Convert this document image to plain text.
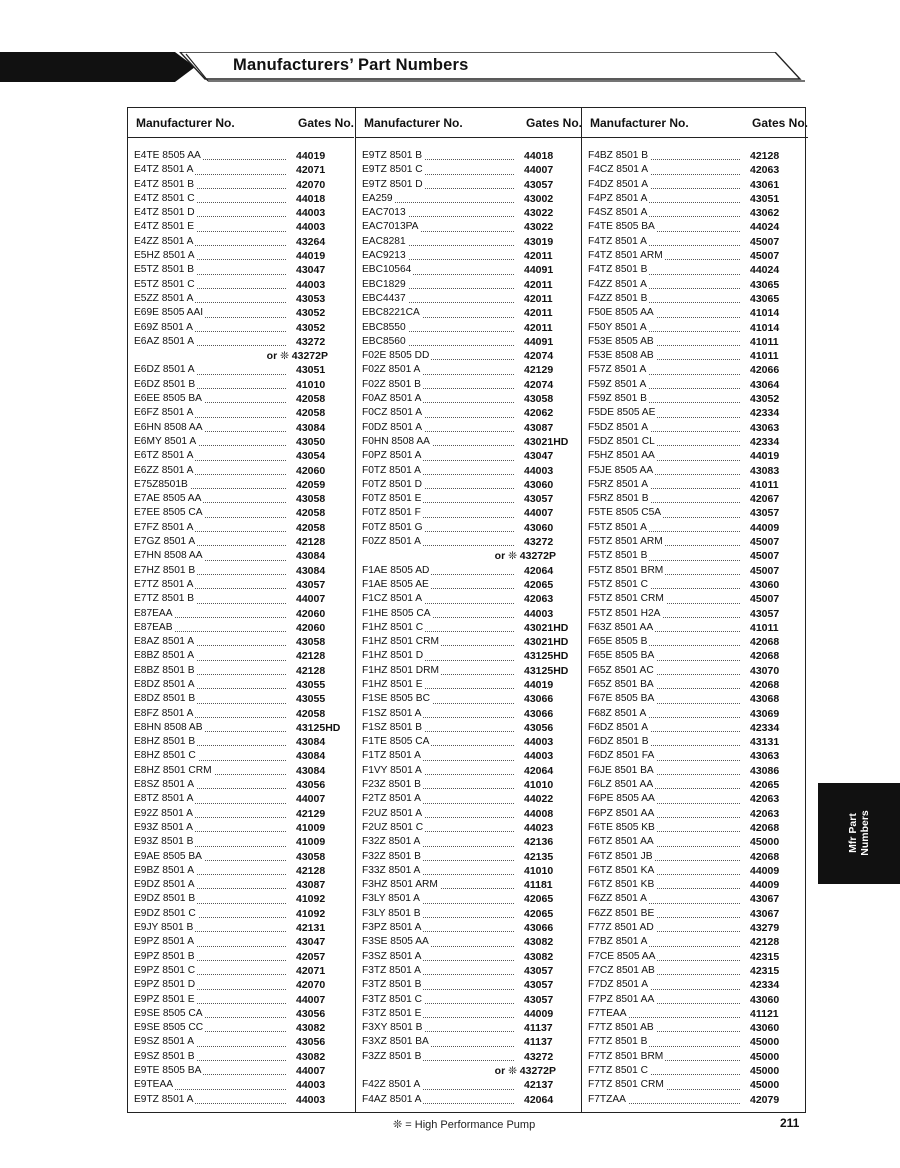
Manufacturers’ Part Numbers
Manufacturer No.	Gates No.
E4TE 8505 AA	44019
E4TZ 8501 A	42071
E4TZ 8501 B	42070
E4TZ 8501 C	44018
E4TZ 8501 D	44003
E4TZ 8501 E	44003
E4ZZ 8501 A	43264
E5HZ 8501 A	44019
E5TZ 8501 B	43047
E5TZ 8501 C	44003
E5ZZ 8501 A	43053
E69E 8505 AAI	43052
E69Z 8501 A	43052
E6AZ 8501 A	43272
or ❊ 43272P
E6DZ 8501 A	43051
E6DZ 8501 B	41010
E6EE 8505 BA	42058
E6FZ 8501 A	42058
E6HN 8508 AA	43084
E6MY 8501 A	43050
E6TZ 8501 A	43054
E6ZZ 8501 A	42060
E75Z8501B	42059
E7AE 8505 AA	43058
E7EE 8505 CA	42058
E7FZ 8501 A	42058
E7GZ 8501 A	42128
E7HN 8508 AA	43084
E7HZ 8501 B	43084
E7TZ 8501 A	43057
E7TZ 8501 B	44007
E87EAA	42060
E87EAB	42060
E8AZ 8501 A	43058
E8BZ 8501 A	42128
E8BZ 8501 B	42128
E8DZ 8501 A	43055
E8DZ 8501 B	43055
E8FZ 8501 A	42058
E8HN 8508 AB	43125HD
E8HZ 8501 B	43084
E8HZ 8501 C	43084
E8HZ 8501 CRM	43084
E8SZ 8501 A	43056
E8TZ 8501 A	44007
E92Z 8501 A	42129
E93Z 8501 A	41009
E93Z 8501 B	41009
E9AE 8505 BA	43058
E9BZ 8501 A	42128
E9DZ 8501 A	43087
E9DZ 8501 B	41092
E9DZ 8501 C	41092
E9JY 8501 B	42131
E9PZ 8501 A	43047
E9PZ 8501 B	42057
E9PZ 8501 C	42071
E9PZ 8501 D	42070
E9PZ 8501 E	44007
E9SE 8505 CA	43056
E9SE 8505 CC	43082
E9SZ 8501 A	43056
E9SZ 8501 B	43082
E9TE 8505 BA	44007
E9TEAA	44003
E9TZ 8501 A	44003
Manufacturer No.	Gates No.
E9TZ 8501 B	44018
E9TZ 8501 C	44007
E9TZ 8501 D	43057
EA259	43002
EAC7013	43022
EAC7013PA	43022
EAC8281	43019
EAC9213	42011
EBC10564	44091
EBC1829	42011
EBC4437	42011
EBC8221CA	42011
EBC8550	42011
EBC8560	44091
F02E 8505 DD	42074
F02Z 8501 A	42129
F02Z 8501 B	42074
F0AZ 8501 A	43058
F0CZ 8501 A	42062
F0DZ 8501 A	43087
F0HN 8508 AA	43021HD
F0PZ 8501 A	43047
F0TZ 8501 A	44003
F0TZ 8501 D	43060
F0TZ 8501 E	43057
F0TZ 8501 F	44007
F0TZ 8501 G	43060
F0ZZ 8501 A	43272
or ❊ 43272P
F1AE 8505 AD	42064
F1AE 8505 AE	42065
F1CZ 8501 A	42063
F1HE 8505 CA	44003
F1HZ 8501 C	43021HD
F1HZ 8501 CRM	43021HD
F1HZ 8501 D	43125HD
F1HZ 8501 DRM	43125HD
F1HZ 8501 E	44019
F1SE 8505 BC	43066
F1SZ 8501 A	43066
F1SZ 8501 B	43056
F1TE 8505 CA	44003
F1TZ 8501 A	44003
F1VY 8501 A	42064
F23Z 8501 B	41010
F2TZ 8501 A	44022
F2UZ 8501 A	44008
F2UZ 8501 C	44023
F32Z 8501 A	42136
F32Z 8501 B	42135
F33Z 8501 A	41010
F3HZ 8501 ARM	41181
F3LY 8501 A	42065
F3LY 8501 B	42065
F3PZ 8501 A	43066
F3SE 8505 AA	43082
F3SZ 8501 A	43082
F3TZ 8501 A	43057
F3TZ 8501 B	43057
F3TZ 8501 C	43057
F3TZ 8501 E	44009
F3XY 8501 B	41137
F3XZ 8501 BA	41137
F3ZZ 8501 B	43272
or ❊ 43272P
F42Z 8501 A	42137
F4AZ 8501 A	42064
Manufacturer No.	Gates No.
F4BZ 8501 B	42128
F4CZ 8501 A	42063
F4DZ 8501 A	43061
F4PZ 8501 A	43051
F4SZ 8501 A	43062
F4TE 8505 BA	44024
F4TZ 8501 A	45007
F4TZ 8501 ARM	45007
F4TZ 8501 B	44024
F4ZZ 8501 A	43065
F4ZZ 8501 B	43065
F50E 8505 AA	41014
F50Y 8501 A	41014
F53E 8505 AB	41011
F53E 8508 AB	41011
F57Z 8501 A	42066
F59Z 8501 A	43064
F59Z 8501 B	43052
F5DE 8505 AE	42334
F5DZ 8501 A	43063
F5DZ 8501 CL	42334
F5HZ 8501 AA	44019
F5JE 8505 AA	43083
F5RZ 8501 A	41011
F5RZ 8501 B	42067
F5TE 8505 C5A	43057
F5TZ 8501 A	44009
F5TZ 8501 ARM	45007
F5TZ 8501 B	45007
F5TZ 8501 BRM	45007
F5TZ 8501 C	43060
F5TZ 8501 CRM	45007
F5TZ 8501 H2A	43057
F63Z 8501 AA	41011
F65E 8505 B	42068
F65E 8505 BA	42068
F65Z 8501 AC	43070
F65Z 8501 BA	42068
F67E 8505 BA	43068
F68Z 8501 A	43069
F6DZ 8501 A	42334
F6DZ 8501 B	43131
F6DZ 8501 FA	43063
F6JE 8501 BA	43086
F6LZ 8501 AA	42065
F6PE 8505 AA	42063
F6PZ 8501 AA	42063
F6TE 8505 KB	42068
F6TZ 8501 AA	45000
F6TZ 8501 JB	42068
F6TZ 8501 KA	44009
F6TZ 8501 KB	44009
F6ZZ 8501 A	43067
F6ZZ 8501 BE	43067
F77Z 8501 AD	43279
F7BZ 8501 A	42128
F7CE 8505 AA	42315
F7CZ 8501 AB	42315
F7DZ 8501 A	42334
F7PZ 8501 AA	43060
F7TEAA	41121
F7TZ 8501 AB	43060
F7TZ 8501 B	45000
F7TZ 8501 BRM	45000
F7TZ 8501 C	45000
F7TZ 8501 CRM	45000
F7TZAA	42079
Mfr Part Numbers
❊ = High Performance Pump	211
